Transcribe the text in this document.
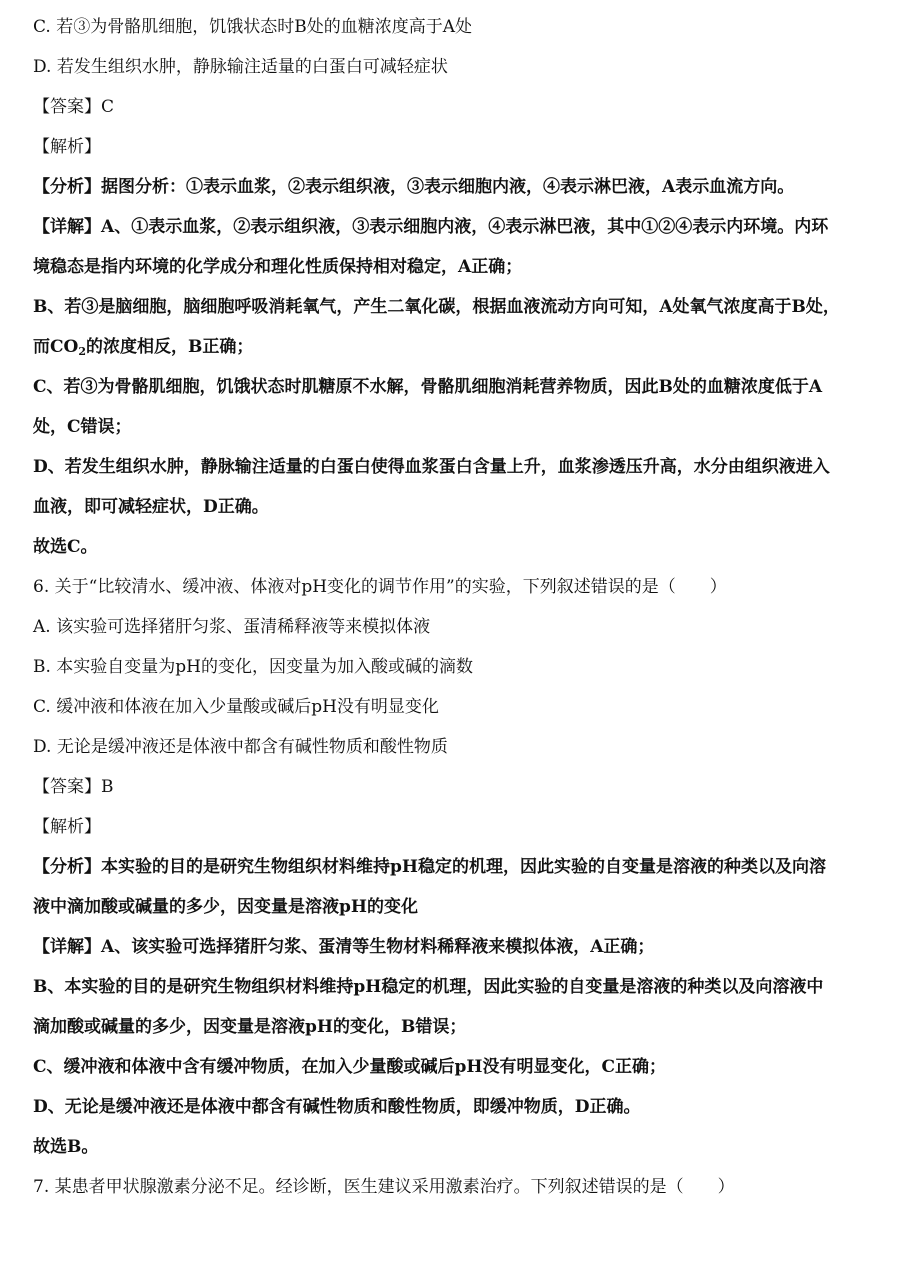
C. 若③为骨骼肌细胞，饥饿状态时B处的血糖浓度高于A处
D. 若发生组织水肿，静脉输注适量的白蛋白可减轻症状
【答案】C
【解析】
【分析】据图分析：①表示血浆，②表示组织液，③表示细胞内液，④表示淋巴液，A表示血流方向。
【详解】A、①表示血浆，②表示组织液，③表示细胞内液，④表示淋巴液，其中①②④表示内环境。内环
境稳态是指内环境的化学成分和理化性质保持相对稳定，A正确；
B、若③是脑细胞，脑细胞呼吸消耗氧气，产生二氧化碳，根据血液流动方向可知，A处氧气浓度高于B处，
而$CO_2$的浓度相反，B正确；
C、若③为骨骼肌细胞，饥饿状态时肌糖原不水解，骨骼肌细胞消耗营养物质，因此B处的血糖浓度低于A
处，C错误；
D、若发生组织水肿，静脉输注适量的白蛋白使得血浆蛋白含量上升，血浆渗透压升高，水分由组织液进入
血液，即可减轻症状，D正确。
故选C。
6. 关于“比较清水、缓冲液、体液对pH变化的调节作用”的实验，下列叙述错误的是（　　）
A. 该实验可选择猪肝匀浆、蛋清稀释液等来模拟体液
B. 本实验自变量为pH的变化，因变量为加入酸或碱的滴数
C. 缓冲液和体液在加入少量酸或碱后pH没有明显变化
D. 无论是缓冲液还是体液中都含有碱性物质和酸性物质
【答案】B
【解析】
【分析】本实验的目的是研究生物组织材料维持pH稳定的机理，因此实验的自变量是溶液的种类以及向溶
液中滴加酸或碱量的多少，因变量是溶液pH的变化
【详解】A、该实验可选择猪肝匀浆、蛋清等生物材料稀释液来模拟体液，A正确；
B、本实验的目的是研究生物组织材料维持pH稳定的机理，因此实验的自变量是溶液的种类以及向溶液中
滴加酸或碱量的多少，因变量是溶液pH的变化，B错误；
C、缓冲液和体液中含有缓冲物质，在加入少量酸或碱后pH没有明显变化，C正确；
D、无论是缓冲液还是体液中都含有碱性物质和酸性物质，即缓冲物质，D正确。
故选B。
7. 某患者甲状腺激素分泌不足。经诊断，医生建议采用激素治疗。下列叙述错误的是（　　）
